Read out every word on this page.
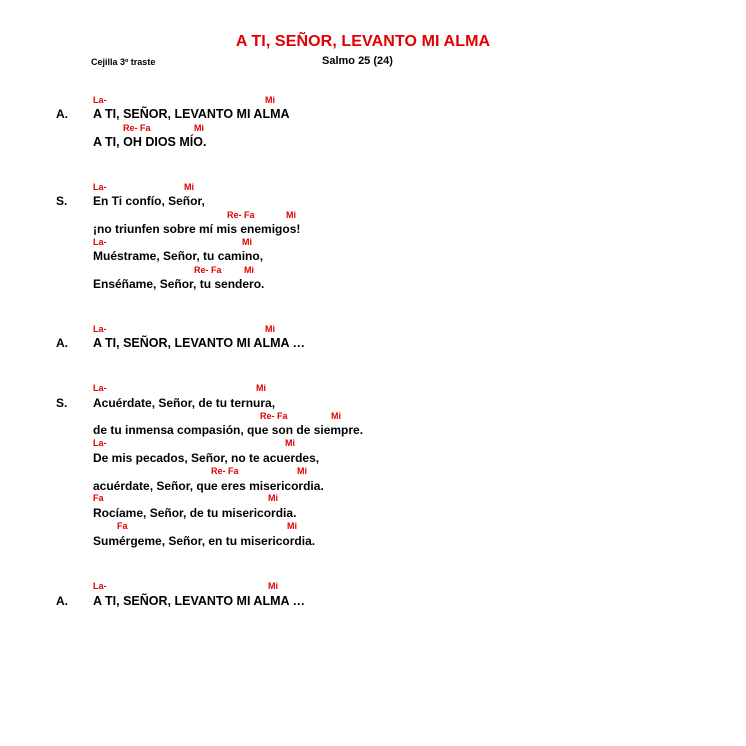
A TI, SEÑOR, LEVANTO MI ALMA
Cejilla 3º traste	Salmo 25 (24)
A.
La-	Mi
A TI, SEÑOR, LEVANTO MI ALMA
Re- Fa	Mi
A TI, OH DIOS MÍO.
S.
La-	Mi
En Ti confío, Señor,
Re- Fa	Mi
¡no triunfen sobre mí mis enemigos!
La-	Mi
Muéstrame, Señor, tu camino,
Re- Fa Mi
Enséñame, Señor, tu sendero.
A.
La-	Mi
A TI, SEÑOR, LEVANTO MI ALMA …
S.
La-	Mi
Acuérdate, Señor, de tu ternura,
Re- Fa	Mi
de tu inmensa compasión, que son de siempre.
La-	Mi
De mis pecados, Señor, no te acuerdes,
Re- Fa	Mi
acuérdate, Señor, que eres misericordia.
Fa	Mi
Rocíame, Señor, de tu misericordia.
Fa	Mi
Sumérgeme, Señor, en tu misericordia.
A.
La-	Mi
A TI, SEÑOR, LEVANTO MI ALMA …
